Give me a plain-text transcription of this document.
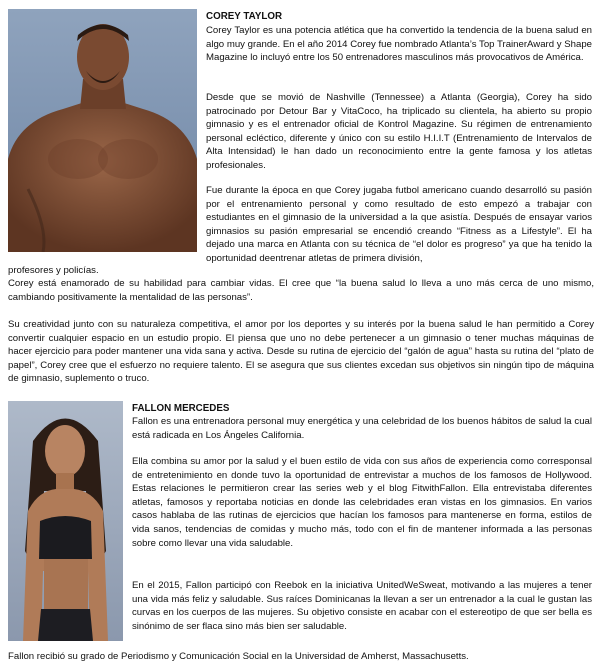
COREY TAYLOR

Corey Taylor es una potencia atlética que ha convertido la tendencia de la buena salud en algo muy grande. En el año 2014 Corey fue nombrado Atlanta’s Top TrainerAward y Shape Magazine lo incluyó entre los 50 entrenadores masculinos más provocativos de América.

Desde que se movió de Nashville (Tennessee) a Atlanta (Georgia), Corey ha sido patrocinado por Detour Bar y VitaCoco, ha triplicado su clientela, ha abierto su propio gimnasio y es el entrenador oficial de Kontrol Magazine. Su régimen de entrenamiento personal ecléctico, diferente y único con su estilo H.I.I.T (Entrenamiento de Intervalos de Alta Intensidad) le han dado un reconocimiento entre la gente famosa y los atletas profesionales.

Fue durante la época en que Corey jugaba futbol americano cuando desarrolló su pasión por el entrenamiento personal y como resultado de esto empezó a trabajar con estudiantes en el gimnasio de la universidad a la que asistía. Después de ensayar varios gimnasios su pasión empresarial se encendió creando “Fitness as a Lifestyle”. El ha dejado una marca en Atlanta con su técnica de “el dolor es progreso” ya que ha tenido la oportunidad deentrenar atletas de primera división,

profesores y policías.

Corey está enamorado de su habilidad para cambiar vidas. El cree que “la buena salud lo lleva a uno más cerca de uno mismo, cambiando positivamente la mentalidad de las personas”.

Su creatividad junto con su naturaleza competitiva, el amor por los deportes y su interés por la buena salud le han permitido a Corey convertir cualquier espacio en un estudio propio. El piensa que uno no debe pertenecer a un gimnasio o tener muchas máquinas de hacer ejercicio para poder mantener una vida sana y activa. Desde su rutina de ejercicio del “galón de agua” hasta su rutina del “plato de papel”, Corey cree que el esfuerzo no requiere talento. El se asegura que sus clientes excedan sus objetivos sin ningún tipo de máquina de gimnasio, suplemento o truco.

FALLON MERCEDES

Fallon es una entrenadora personal muy energética y una celebridad de los buenos hábitos de salud la cual está radicada en Los Ángeles California.

Ella combina su amor por la salud y el buen estilo de vida con sus años de experiencia como corresponsal de entretenimiento en donde tuvo la oportunidad de entrevistar a muchos de los famosos de Hollywood. Estas relaciones le permitieron crear las series web y el blog FitwithFallon. Ella entrevistaba diferentes atletas, famosos y reportaba noticias en donde las celebridades eran vistas en los gimnasios. En varios casos hablaba de las rutinas de ejercicios que hacían los famosos para mantenerse en forma, estilos de vida sanos, tendencias de comidas y mucho más, todo con el fin de mantener informada a las personas sobre como llevar una vida saludable.

En el 2015, Fallon participó con Reebok en la iniciativa UnitedWeSweat, motivando a las mujeres a tener una vida más feliz y saludable. Sus raíces Dominicanas la llevan a ser un entrenador a la cual le gustan las curvas en los cuerpos de las mujeres. Su objetivo consiste en acabar con el estereotipo de que ser bella es sinónimo de ser flaca sino más bien ser saludable.

Fallon recibió su grado de Periodismo y Comunicación Social en la Universidad de Amherst, Massachusetts.
